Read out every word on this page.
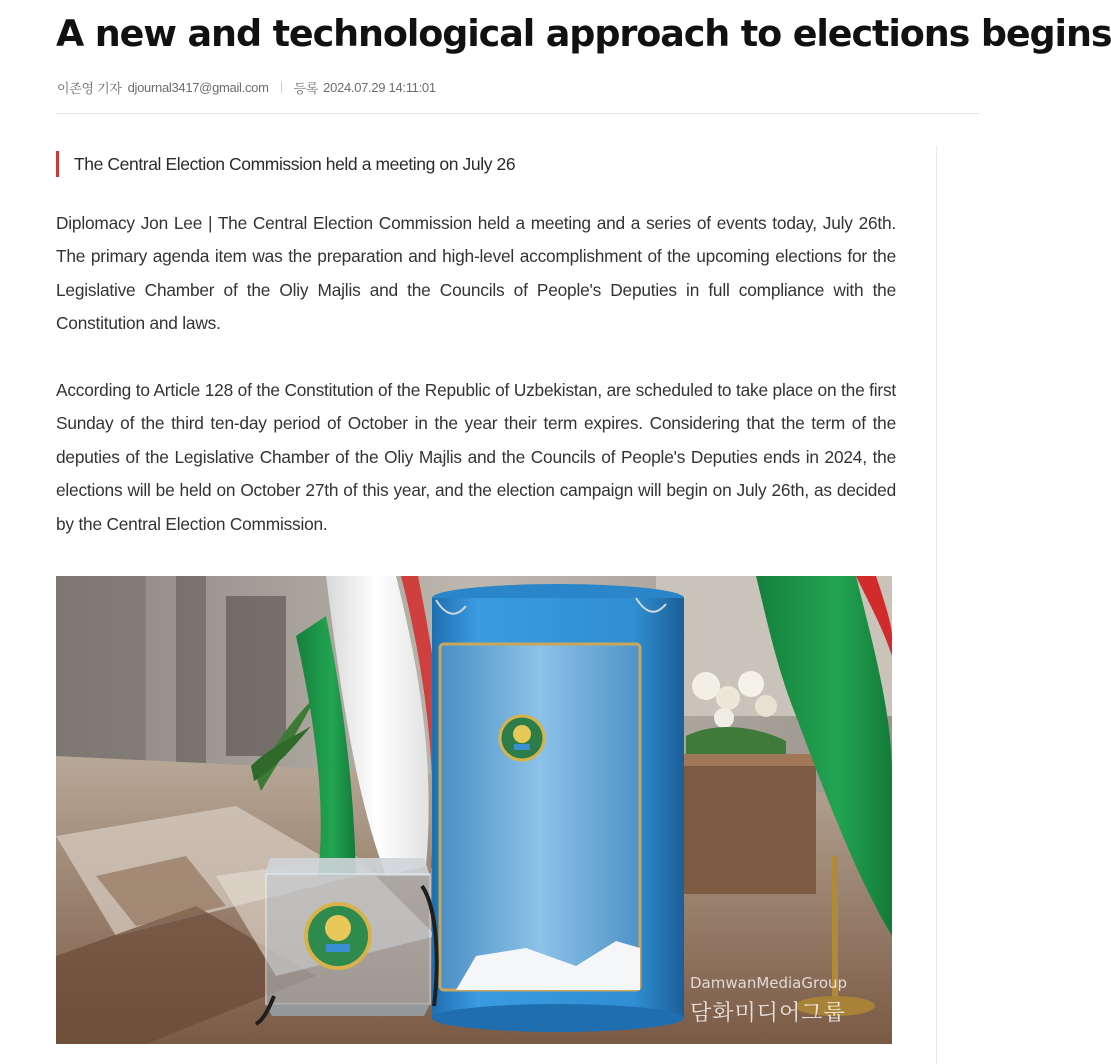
A new and technological approach to elections begins
이존영 기자 djournal3417@gmail.com 등록 2024.07.29 14:11:01
The Central Election Commission held a meeting on July 26

Diplomacy Jon Lee | The Central Election Commission held a meeting and a series of events today, July 26th. The primary agenda item was the preparation and high-level accomplishment of the upcoming elections for the Legislative Chamber of the Oliy Majlis and the Councils of People's Deputies in full compliance with the Constitution and laws.

According to Article 128 of the Constitution of the Republic of Uzbekistan, are scheduled to take place on the first Sunday of the third ten-day period of October in the year their term expires. Considering that the term of the deputies of the Legislative Chamber of the Oliy Majlis and the Councils of People's Deputies ends in 2024, the elections will be held on October 27th of this year, and the election campaign will begin on July 26th, as decided by the Central Election Commission.

DamwanMediaGroup
담화미디어그룹
